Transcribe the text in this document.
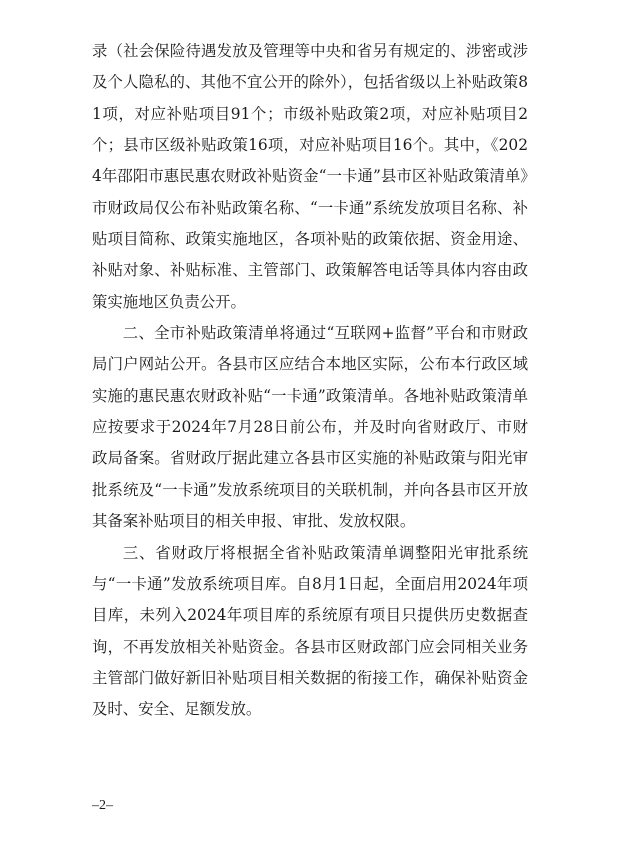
录（社会保险待遇发放及管理等中央和省另有规定的、涉密或涉及个人隐私的、其他不宜公开的除外），包括省级以上补贴政策81项，对应补贴项目91个；市级补贴政策2项，对应补贴项目2个；县市区级补贴政策16项，对应补贴项目16个。其中，《2024年邵阳市惠民惠农财政补贴资金“一卡通”县市区补贴政策清单》市财政局仅公布补贴政策名称、“一卡通”系统发放项目名称、补贴项目简称、政策实施地区，各项补贴的政策依据、资金用途、补贴对象、补贴标准、主管部门、政策解答电话等具体内容由政策实施地区负责公开。

二、全市补贴政策清单将通过“互联网+监督”平台和市财政局门户网站公开。各县市区应结合本地区实际，公布本行政区域实施的惠民惠农财政补贴“一卡通”政策清单。各地补贴政策清单应按要求于2024年7月28日前公布，并及时向省财政厅、市财政局备案。省财政厅据此建立各县市区实施的补贴政策与阳光审批系统及“一卡通”发放系统项目的关联机制，并向各县市区开放其备案补贴项目的相关申报、审批、发放权限。

三、省财政厅将根据全省补贴政策清单调整阳光审批系统与“一卡通”发放系统项目库。自8月1日起，全面启用2024年项目库，未列入2024年项目库的系统原有项目只提供历史数据查询，不再发放相关补贴资金。各县市区财政部门应会同相关业务主管部门做好新旧补贴项目相关数据的衔接工作，确保补贴资金及时、安全、足额发放。

–2–
